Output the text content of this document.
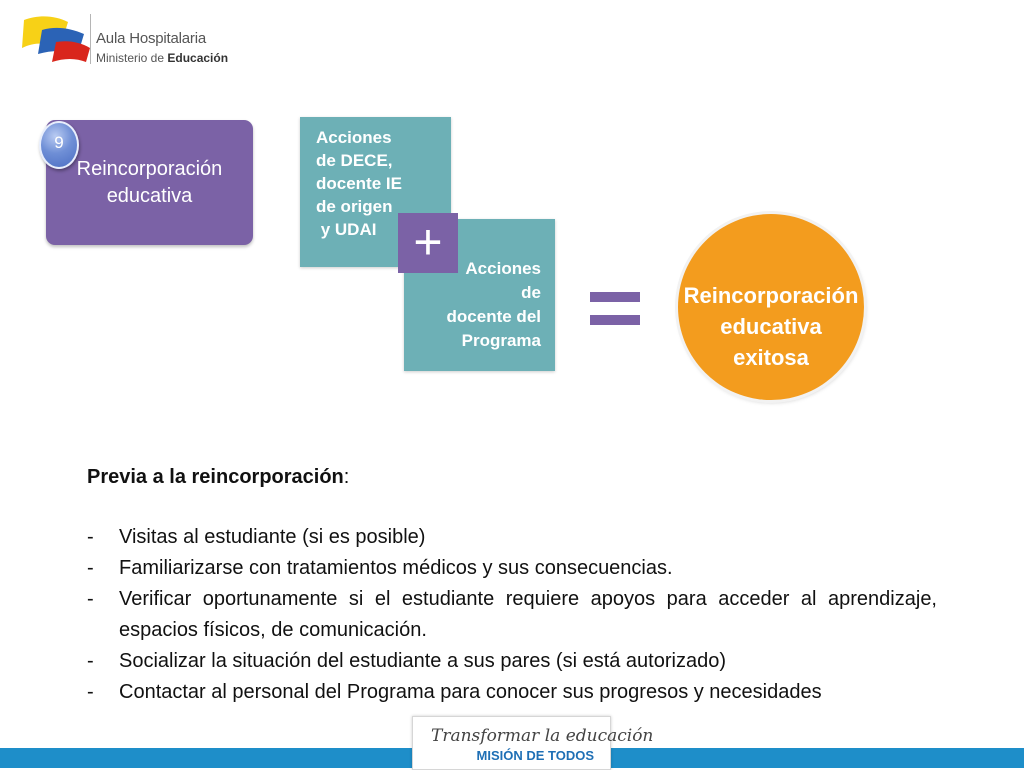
Aula Hospitalaria
Ministerio de Educación
Reincorporación
educativa
9	Acciones
de DECE,
docente IE
de origen
y UDAI
Acciones
de
docente del
Programa
+
Reincorporación
educativa
exitosa
Previa a la reincorporación:
- Visitas al estudiante (si es posible)
- Familiarizarse con tratamientos médicos y sus consecuencias.
- Verificar oportunamente si el estudiante requiere apoyos para acceder al aprendizaje, espacios físicos, de comunicación.
- Socializar la situación del estudiante a sus pares (si está autorizado)
- Contactar al personal del Programa para conocer sus progresos y necesidades
Transformar la educación
MISIÓN DE TODOS
